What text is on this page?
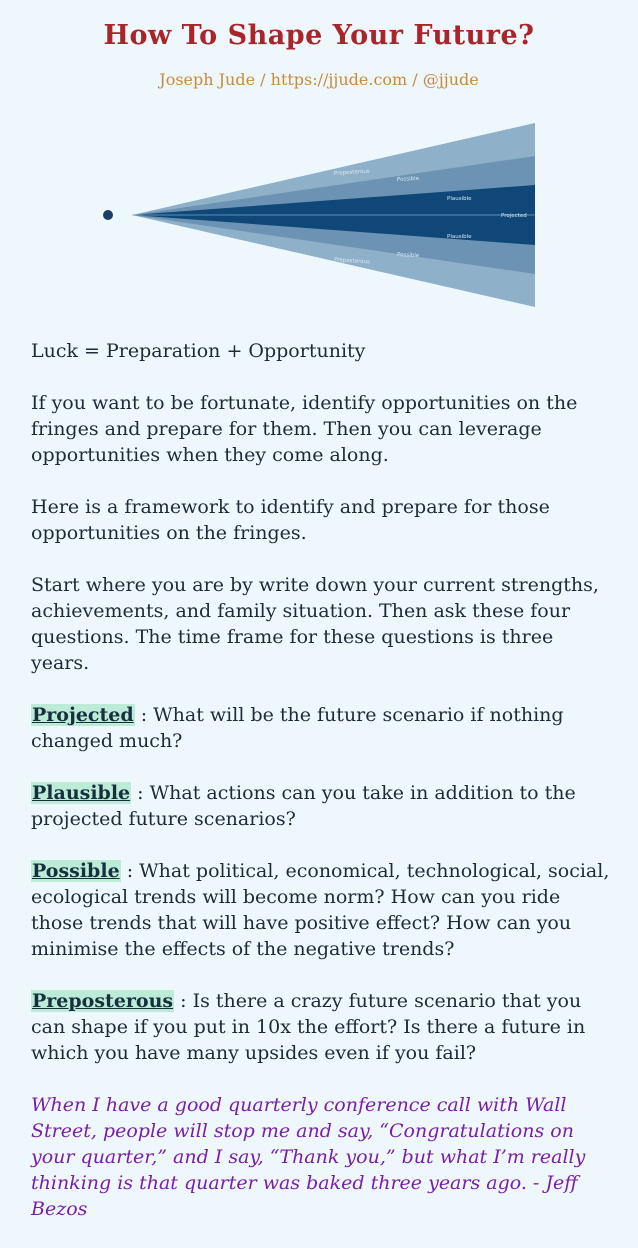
How To Shape Your Future?
Joseph Jude / https://jjude.com / @jjude
Preposterous
Possible
Plausible
Projected
Plausible
Possible
Preposterous

Luck = Preparation + Opportunity

If you want to be fortunate, identify opportunities on the fringes and prepare for them. Then you can leverage opportunities when they come along.

Here is a framework to identify and prepare for those opportunities on the fringes.

Start where you are by write down your current strengths, achievements, and family situation. Then ask these four questions. The time frame for these questions is three years.

Projected : What will be the future scenario if nothing changed much?

Plausible : What actions can you take in addition to the projected future scenarios?

Possible : What political, economical, technological, social, ecological trends will become norm? How can you ride those trends that will have positive effect? How can you minimise the effects of the negative trends?

Preposterous : Is there a crazy future scenario that you can shape if you put in 10x the effort? Is there a future in which you have many upsides even if you fail?

When I have a good quarterly conference call with Wall Street, people will stop me and say, “Congratulations on your quarter,” and I say, “Thank you,” but what I’m really thinking is that quarter was baked three years ago. - Jeff Bezos
